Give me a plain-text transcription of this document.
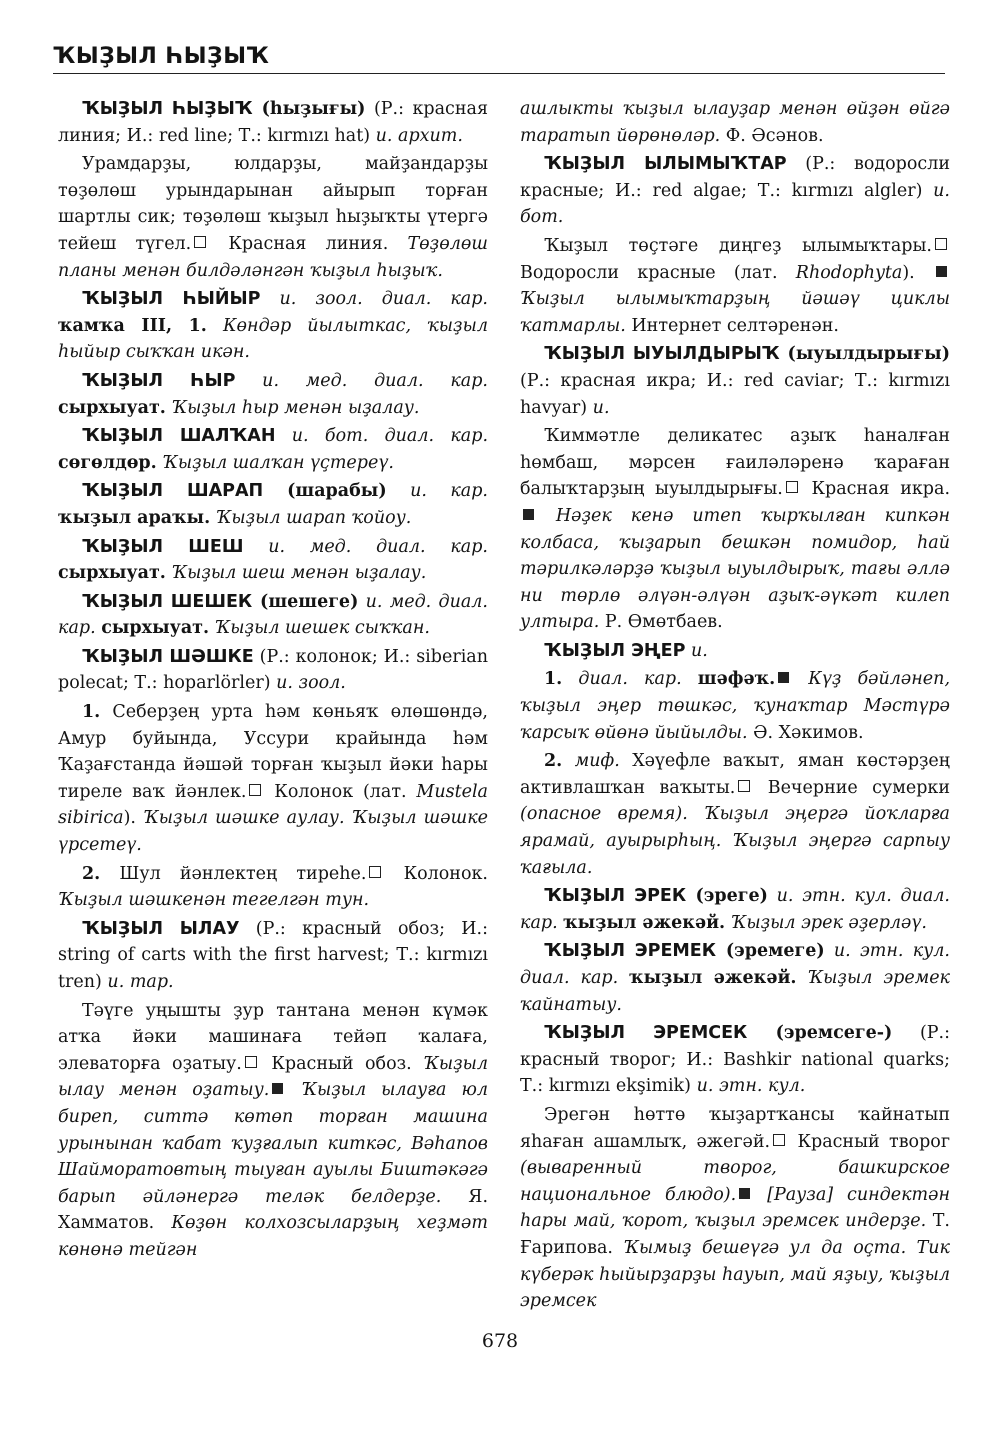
ҠЫҘЫЛ ҺЫҘЫҠ

ҠЫҘЫЛ ҺЫҘЫҠ (һыҙығы) (Р.: красная линия; И.: red line; Т.: kırmızı hat) и. архит.

Урамдарҙы, юлдарҙы, майҙандарҙы төҙөлөш урындарынан айырып торған шартлы сик; төҙөлөш ҡыҙыл һыҙыҡты үтергә тейеш түгел. Красная линия. Төҙөлөш планы менән билдәләнгән ҡыҙыл һыҙыҡ.

ҠЫҘЫЛ ҺЫЙЫР и. зоол. диал. кар. ҡамҡа III, 1. Көндәр йылыткас, ҡыҙыл һыйыр сыҡҡан икән.

ҠЫҘЫЛ ҺЫР и. мед. диал. кар. сырхыуат. Ҡыҙыл һыр менән ыҙалау.

ҠЫҘЫЛ ШАЛҠАН и. бот. диал. кар. сөгөлдөр. Ҡыҙыл шалҡан үҫтереү.

ҠЫҘЫЛ ШАРАП (шарабы) и. кар. ҡыҙыл араҡы. Ҡыҙыл шарап ҡойоу.

ҠЫҘЫЛ ШЕШ и. мед. диал. кар. сырхыуат. Ҡыҙыл шеш менән ыҙалау.

ҠЫҘЫЛ ШЕШЕК (шешеге) и. мед. диал. кар. сырхыуат. Ҡыҙыл шешек сыҡҡан.

ҠЫҘЫЛ ШӘШКЕ (Р.: колонок; И.: siberian polecat; Т.: hoparlörler) и. зоол.

1. Себерҙең урта һәм көньяҡ өлөшөндә, Амур буйында, Уссури крайында һәм Ҡаҙағстанда йәшәй торған ҡыҙыл йәки һары тиреле ваҡ йәнлек. Колонок (лат. Mustela sibirica). Ҡыҙыл шәшке аулау. Ҡыҙыл шәшке үрсетеү.

2. Шул йәнлектең тиреһе. Колонок. Ҡыҙыл шәшкенән тегелгән тун.

ҠЫҘЫЛ ЫЛАУ (Р.: красный обоз; И.: string of carts with the first harvest; Т.: kırmızı tren) и. тар.

Тәүге уңышты ҙур тантана менән күмәк атҡа йәки машинаға тейәп ҡалаға, элеваторға оҙатыу. Красный обоз. Ҡыҙыл ылау менән оҙатыу. Ҡыҙыл ылауға юл биреп, ситтә көтөп торған машина урынынан ҡабат ҡуҙғалып киткәс, Вәһапов Шайморатовтың тыуған ауылы Биштәкәгә барып әйләнергә теләк белдерҙе. Я. Хамматов. Көҙөн колхозсыларҙың хеҙмәт көнөнә тейгән

ашлыкты ҡыҙыл ылауҙар менән өйҙән өйгә таратып йөрөнөләр. Ф. Әсәнов.

ҠЫҘЫЛ ЫЛЫМЫҠТАР (Р.: водоросли красные; И.: red algae; Т.: kırmızı algler) и. бот.

Ҡыҙыл төҫтәге диңгеҙ ылымыҡтары. Водоросли красные (лат. Rhodophyta).  Ҡыҙыл ылымыҡтарҙың йәшәү циклы ҡатмарлы. Интернет селтәренән.

ҠЫҘЫЛ ЫУЫЛДЫРЫҠ (ыуылдырығы) (Р.: красная икра; И.: red caviar; Т.: kırmızı havyar) и.

Ҡиммәтле деликатес аҙыҡ һаналған һөмбаш, мәрсен ғаиләләренә ҡараған балыҡтарҙың ыуылдырығы. Красная икра.  Нәҙек кенә итеп ҡырҡылған кипкән колбаса, ҡыҙарып бешкән помидор, һай тәрилкәләрҙә ҡыҙыл ыуылдырыҡ, тағы әллә ни төрлө әлүән-әлүән аҙыҡ-әүкәт килеп ултыра. Р. Өмөтбаев.

ҠЫҘЫЛ ЭҢЕР и.

1. диал. кар. шәфәҡ. Күҙ бәйләнеп, ҡыҙыл эңер төшкәс, ҡунаҡтар Мәстүрә ҡарсыҡ өйөнә йыйылды. Ә. Хәкимов.

2. миф. Хәүефле ваҡыт, яман көстәрҙең активлашҡан ваҡыты. Вечерние сумерки (опасное время). Ҡыҙыл эңергә йоҡларға ярамай, ауырырһың. Ҡыҙыл эңергә сарпыу ҡағыла.

ҠЫҘЫЛ ЭРЕК (эреге) и. этн. кул. диал. кар. ҡыҙыл әжекәй. Ҡыҙыл эрек әҙерләү.

ҠЫҘЫЛ ЭРЕМЕК (эремеге) и. этн. кул. диал. кар. ҡыҙыл әжекәй. Ҡыҙыл эремек ҡайнатыу.

ҠЫҘЫЛ ЭРЕМСЕК (эремсеге-) (Р.: красный творог; И.: Bashkir national quarks; Т.: kırmızı ekşimik) и. этн. кул.

Эрегән һөттө ҡыҙартҡансы ҡайнатып яһаған ашамлыҡ, әжегәй. Красный творог (вываренный творог, башкирское национальное блюдо). [Рауза] синдектән һары май, ҡорот, ҡыҙыл эремсек индерҙе. Т. Ғарипова. Ҡымыҙ бешеүгә ул да оҫта. Тик күберәк һыйырҙарҙы һауып, май яҙыу, ҡыҙыл эремсек

678
